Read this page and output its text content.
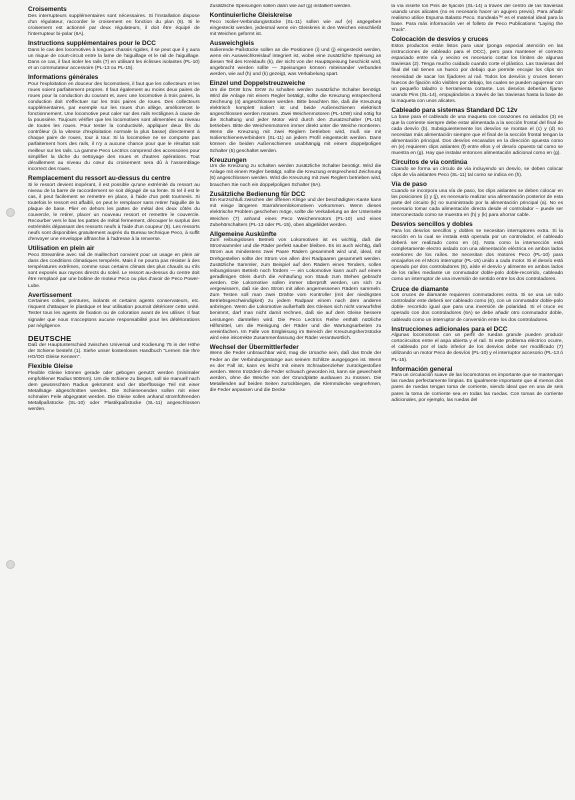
Croisements

Des interrupteurs supplémentaires sont nécessaires. Si l'installation dispose d'un régulateur, raccorder le croisement en fonction du plan (6). Si le croisement est actionné par deux régulateurs, il doit être équipé de l'interrupteur bi-polar (6A).

Instructions supplémentaires pour le DCC

Dans le cas des locomotives à longues chassis rigides, il se peut que il y aura un risque de court-circuit entre la lame de l'aiguillage et le rail de l'aiguillage. Dans ce cas, il faut isoler les rails (7) en utilisant les éclisses isolantes (PL-10) et un commutateur accessoire (PL-13 ou PL-15).

Informations générales

Pour l'exploitation en douceur des locomotives, il faut que les collecteurs et les roues soient parfaitement propres. Il faut également au moins deux paires de roues pour la conduction du courant et, avec une locomotive à trois paires, la conduction doit s'effectuer sur les trois paires de roues. Des collecteurs supplémentaires, par exemple sur les roues d'un allège, amélioreront le fonctionnement. Une locomotive peut caler sur des rails rectilignes à cause de la poussière. Toujours vérifier que les locomotives sont alimentées au niveau de toutes les roues. Pour tester la conductivité, appliquer deux fils du contrôleur (à la vitesse d'exploitation normale la plus basse) directement à chaque paire de roues, tour à tour. Si la locomotive ne se comporte pas parfaitement hors des rails, il n'y a aucune chance pour que le résultat soit meilleur sur les rails. La gamme Peco Lectrics comprend des accessoires pour simplifier la tâche du nettoyage des roues et d'autres opérations. Tout déraillement au niveau du cœur du croisement sera dû à l'assemblage incorrect des roues.

Remplacement du ressort au-dessus du centre

Si le ressort devient inopérant, il est possible qu'une extrémité du ressort au niveau de la barre de raccordement se soit dégagé de sa fente. Si tel il est le cas, il peut facilement se remettre en place, à l'aide d'un petit tournevis. Si toutefois le ressort est affaibli, on peut le remplacer sans retirer l'aiguille de la plaque de base. Plier en dehors les pattes de métal des deux côtés du couvercle, le retirer, placer un nouveau ressort et remettre le couvercle. Recourber vers le bas les pattes de métal fermement, découper le surplus des extrémités dépassant des ressorts neufs à l'aide d'un coupeur (8). Les ressorts neufs sont disponibles gratuitement auprès du Bureau technique Peco, à suffit d'envoyer une enveloppe affranchie à l'adresse à la renverse.

Utilisation en plein air

Peco Streamline avec rail de maillechort convient pour un usage en plein air dans des conditions climatiques tempérés. Mais il ne pourra pas résister à des températures extrêmes, comme sous certains climats des plus chauds ou s'ils sont exposés aux rayons directs du soleil. Le ressort au-dessus du centre doit être remplacé par une bobine de moteur Peco ou plus d'avoir de Peco Power-Lube.

Avertissement

Certaines colles, peintures, isolants et certains agents conservateurs, etc. risquent d'attaquer le plastique et leur utilisation pourrait détériorer cette unité. Tester tous les agents de fixation ou de coloration avant de les utiliser. Il faut signaler que nous n'acceptons aucune responsabilité pour les détériorations par négligence.

DEUTSCHE

Daß der Hauptunterschied zwischen Universal und Kodierung 75 in der Höhe der Schiene besteht (1). Siehe unser kostenloses Handbuch "Lernen Sie Ihre HO/OO Gleise Kennen".

Flexible Gleise

Flexible Gleise können gerade oder gebogen genutzt werden (minimaler empfohlener Radius 900mm). Um die Schiene zu biegen, soll sie manuell nach dem gewünschten Radius gekrümmt und der überflüssige Teil mit einer Metallsäge abgeschnitten werden. Die Schienenenden sollen mit einer schmalen Feile abgegratet werden. Die Gleise sollen anhand stromführenden Metallpaßstücke (SL-10) oder Plastikpaßstücke (SL-11) angeschlossen werden.

Zusätzliche Speisungen sollen dann wie auf (g) installiert werden.

Kontinuierliche Gleiskreise

Peco Isolier-Verbindungsstücke (SL-11) sollen wie auf (e) angegeben eingesteckt werden, jedesmal wenn ein Gleiskreis in den Weichen einschließt mit Weichen geformt ist.

Ausweichgleis

Isolierende Paßstücke sollen an die Positionen (i) und (j) eingesteckt werden, wenn ein Ausweichkreislauf integriert ist, wobei eine zusätzliche Speisung an diesen Teil des Kreislaufs (k), der nicht von der Hauptspeisung beschickt wird, angebracht werden sollte — Speisungen können miteinander verbunden werden, wie auf (h) und (k) gezeigt, was Verkabelung spart.

Einzel und Doppelstreuzweiche

Um die DKW bzw. EKW zu schalten werden zusätzliche Schalter benötigt. Wird die Anlage mit einem Regler betätigt, sollte die Kreuzung entsprechend Zeichnung (4) angeschlossen werden. Bitte beachten Sie, daß die Kreuzung elektrisch komplett isoliert ist und beide Außenschienen elektrisch angeschlossen werden müssen. Zwei Weichenmotoren (PL-10W) sind nötig für die Schaltung und jeder Motor wird durch den Zusatzschalter (PL-15) betrieben. Bitte die Weichenmotoren immer direkt unter die Weiche montieren. Wenn die Kreuzung mit zwei Reglern betrieben wird, muß sie mit Isolierschienenverbindern (SL-11) an jedem Profil eingesteckt werden. Dann können die beiden Außenschienen unabhängig mit einem doppelpoligen Schalter (5) geschaltet werden.

Kreuzungen

Um die Kreuzung zu schalten werden zusätzliche Schalter benötigt. Wird die Anlage mit einem Regler betätigt, sollte die Kreuzung entsprechend Zeichnung (6) angeschlossen werden. Wird die Kreuzung mit zwei Reglern betrieben wird, brauchen Sie noch ein doppelpoligen Schalter (6A).

Zusätzliche Bedienung für DCC

Ein Kurzschluß zwischen der offenen Klinge und der beschädigten Kante kann mit einige längeren Starrahmenlokomotiven vorkommen. Wenn dieses elektrische Problem geschehen möge, sollte die Verkabelung an der Unterseite Weichen (7) anhand eines Peco Weichenmotors (PL-10) und eines Zubehörschalters (PL-13 oder PL-15), oben abgebildet werden.

Allgemeine Auskünfte

Zum reibungslosen Betrieb von Lokomotiven ist es wichtig, daß die Stromsammler und die Räder perfekt sauber bleiben. Es ist auch wichtig, daß Strom aus mindestens zwei Paare Rädern gesammelt wird und, ideal, mit Drehgestellen sollte der Strom von allen drei Radpaaren gesammelt werden. Zusätzliche Sammler, zum Beispiel auf den Rädern eines Tenders, sollen reibungslosen Betrieb noch fördern — ein Lokomotive kann auch auf einem geradlinigen Gleis durch die Anhäufung von Staub zum Stehen gebracht werden. Die Lokomotive sollen immer überprüft werden, um sich zu vergewissern, daß sie den Strom mit allen angemessenen Rädern sammeln. Zum Testen soll man zwei Drähte vom Kontroller (mit der niedrigsten Betriebsgeschwindigkeit) zu jedem Radpaar einem nach dem anderen anbringen. Wenn die Lokomotive außerhalb des Gleises sich nicht vorwurfsfrei benimmt, darf man nicht damit rechnen, daß sie auf dem Gleise bessere Leistungen darstellen wird. Die Peco Lectrics Reihe enthält nützliche Hilfsmittel, um die Reinigung der Räder und die Wartungsarbeiten zu vereinfachen. Im Falle von Entgleisung im Bereich der Kreuzungsherzstücke wird eine inkorrekte Zusammenfassung der Räder verantwortlich.

Wechsel der Übermittlerfeder

Wenn die Feder unbrauchbar wird, mag die Ursache sein, daß das Ende der Feder an der Verbindungsstange aus seinem Schlitze ausgegogen ist. Wenn es der Fall ist, kann es leicht mit einem Schraubenzieher zurückgestoßen werden. Wenn trotzdem die Feder schwach geworden ist, kann sie gewechselt werden, ohne die Weiche von der Grundplatte ausbauen zu müssen. Die Metallenden auf beiden Seiten zurückbiegen, die Klemmdecke wegnehmen, die Feder anpassen und die Decke

la vía inserte los Pins de fijación (SL-14) a través del centro de las traviesas usando unos alicates (no es necesario hacer un agujero previo). Para añadir realismo utilice Espuma Balasto Peco. Sundeala™ es el material ideal para la base. Para más información ver el folleto de Peco Publications "Laying the Track".

Colocación de desvíos y cruces

Estos productos están listos para usar (ponga especial atención en las instrucciones de cableado para el DCC), pero para mantener el correcto espaciado entre vía y vecino es necesario cortar los límites de algunas traviesas (2). Tenga mucho cuidado cuando corte el plástico. Las traviesas del final del rail tienen un hueco por debajo que permite encajar los clips sin necesidad de sacar los fijadores al rail. Todos los desvíos y cruces tienen huecos de fijación sólo visibles por debajo, los cuales se pueden agujerear con un pequeño taladro o herramienta cortante. Los desvíos deberían fijarse usando Pins (SL-14), empujándolos a través de las traviesas hasta la base de la maqueta con unos alicates.

Cableado para sistemas Standard DC 12v

La base para el cableado de una maqueta con corazones no aislados (3) es que la corriente siempre debe estar alimentada a la sección frontal del final de cada desvío (b). Subsiguientemente los desvíos se montan el (c) y (d) no necesitan más alimentación siempre que el final de la sección frontal tengan la alimentación principal. Dos desvíos encarados en la dirección opuesta como en (e) requieren clips aislantes (f) entre ellos y el desvío opuesto tal como se muestra en (g). Hay que instalar entonces alimentación adicional como en (g).

Circuitos de vía continúa

Cuando se forma un círculo de vía incluyendo un desvío, se deben colocar clips de vía aislantes Peco (SL-11) tal como se indica en (h).

Vía de paso

Cuando se incorpora una vía de paso, los clips aislantes se deben colocar en las posiciones (i) y (j), es necesario realizar una alimentación posterior de esta parte del circuito (k) no suministrado por la alimentación principal (a). No es necesario tomar cada alimentación directa desde el controlador – puede ser interconectado como se muestra en (h) y (k) para ahorrar cable.

Desvíos sencillos y dobles

Para los desvíos sencillos y dobles se necesitan interruptores extra. Si la sección en la cual se instala está operada por un controlador, el cableado deberá ser realizado como en (4). Nota como la intersección está completamente electro aislado con una alimentación eléctrica en ambos lados exteriores de los raíles. Se necesitan dos motores Peco (PL-10) para encajarlos en el Micro interruptor (PL-15) unido a cada motor. Si el desvío está operado por dos controladores (5), aísle el desvío y alimente en ambos lados de los raíles mediante un conmutador doble-polo doble-recorrido, cableado como un interruptor de una inversión de sentido entre los dos controladores.

Cruce de diamante

Los cruces de diamante requieren conmutadores extra. Si se usa un solo controlador este deberá ser cableado como (6), con un conmutador doble-polo doble- recorrido igual que para una inversión de polaridad. Si el cruce es operado con dos controladores (6A) se debe añadir otro conmutador doble, cableado como un interruptor de conversión entre los dos controladores.

Instrucciones adicionales para el DCC

Algunas locomotoras con un perfil de ruedas grande pueden producir cortocircuitos entre el aspa abierta y el rail. Si este problema eléctrico ocurre, el cableado por el lado inferior de los desvíos debe ser modificado (7) utilizando un motor Peco de desvíos (PL-10) y el interruptor accesorio (PL-13 ó PL-15).

Información general

Para un circulación suave de las locomotoras es importante que se mantengan las ruedas perfectamente limpias. Es igualmente importante que al menos dos pares de ruedas tengan toma de corriente, siendo ideal que en una de seis pares la toma de corriente sea en todas las ruedas. Con tomas de corriente adicionales, por ejemplo, las ruedas del
